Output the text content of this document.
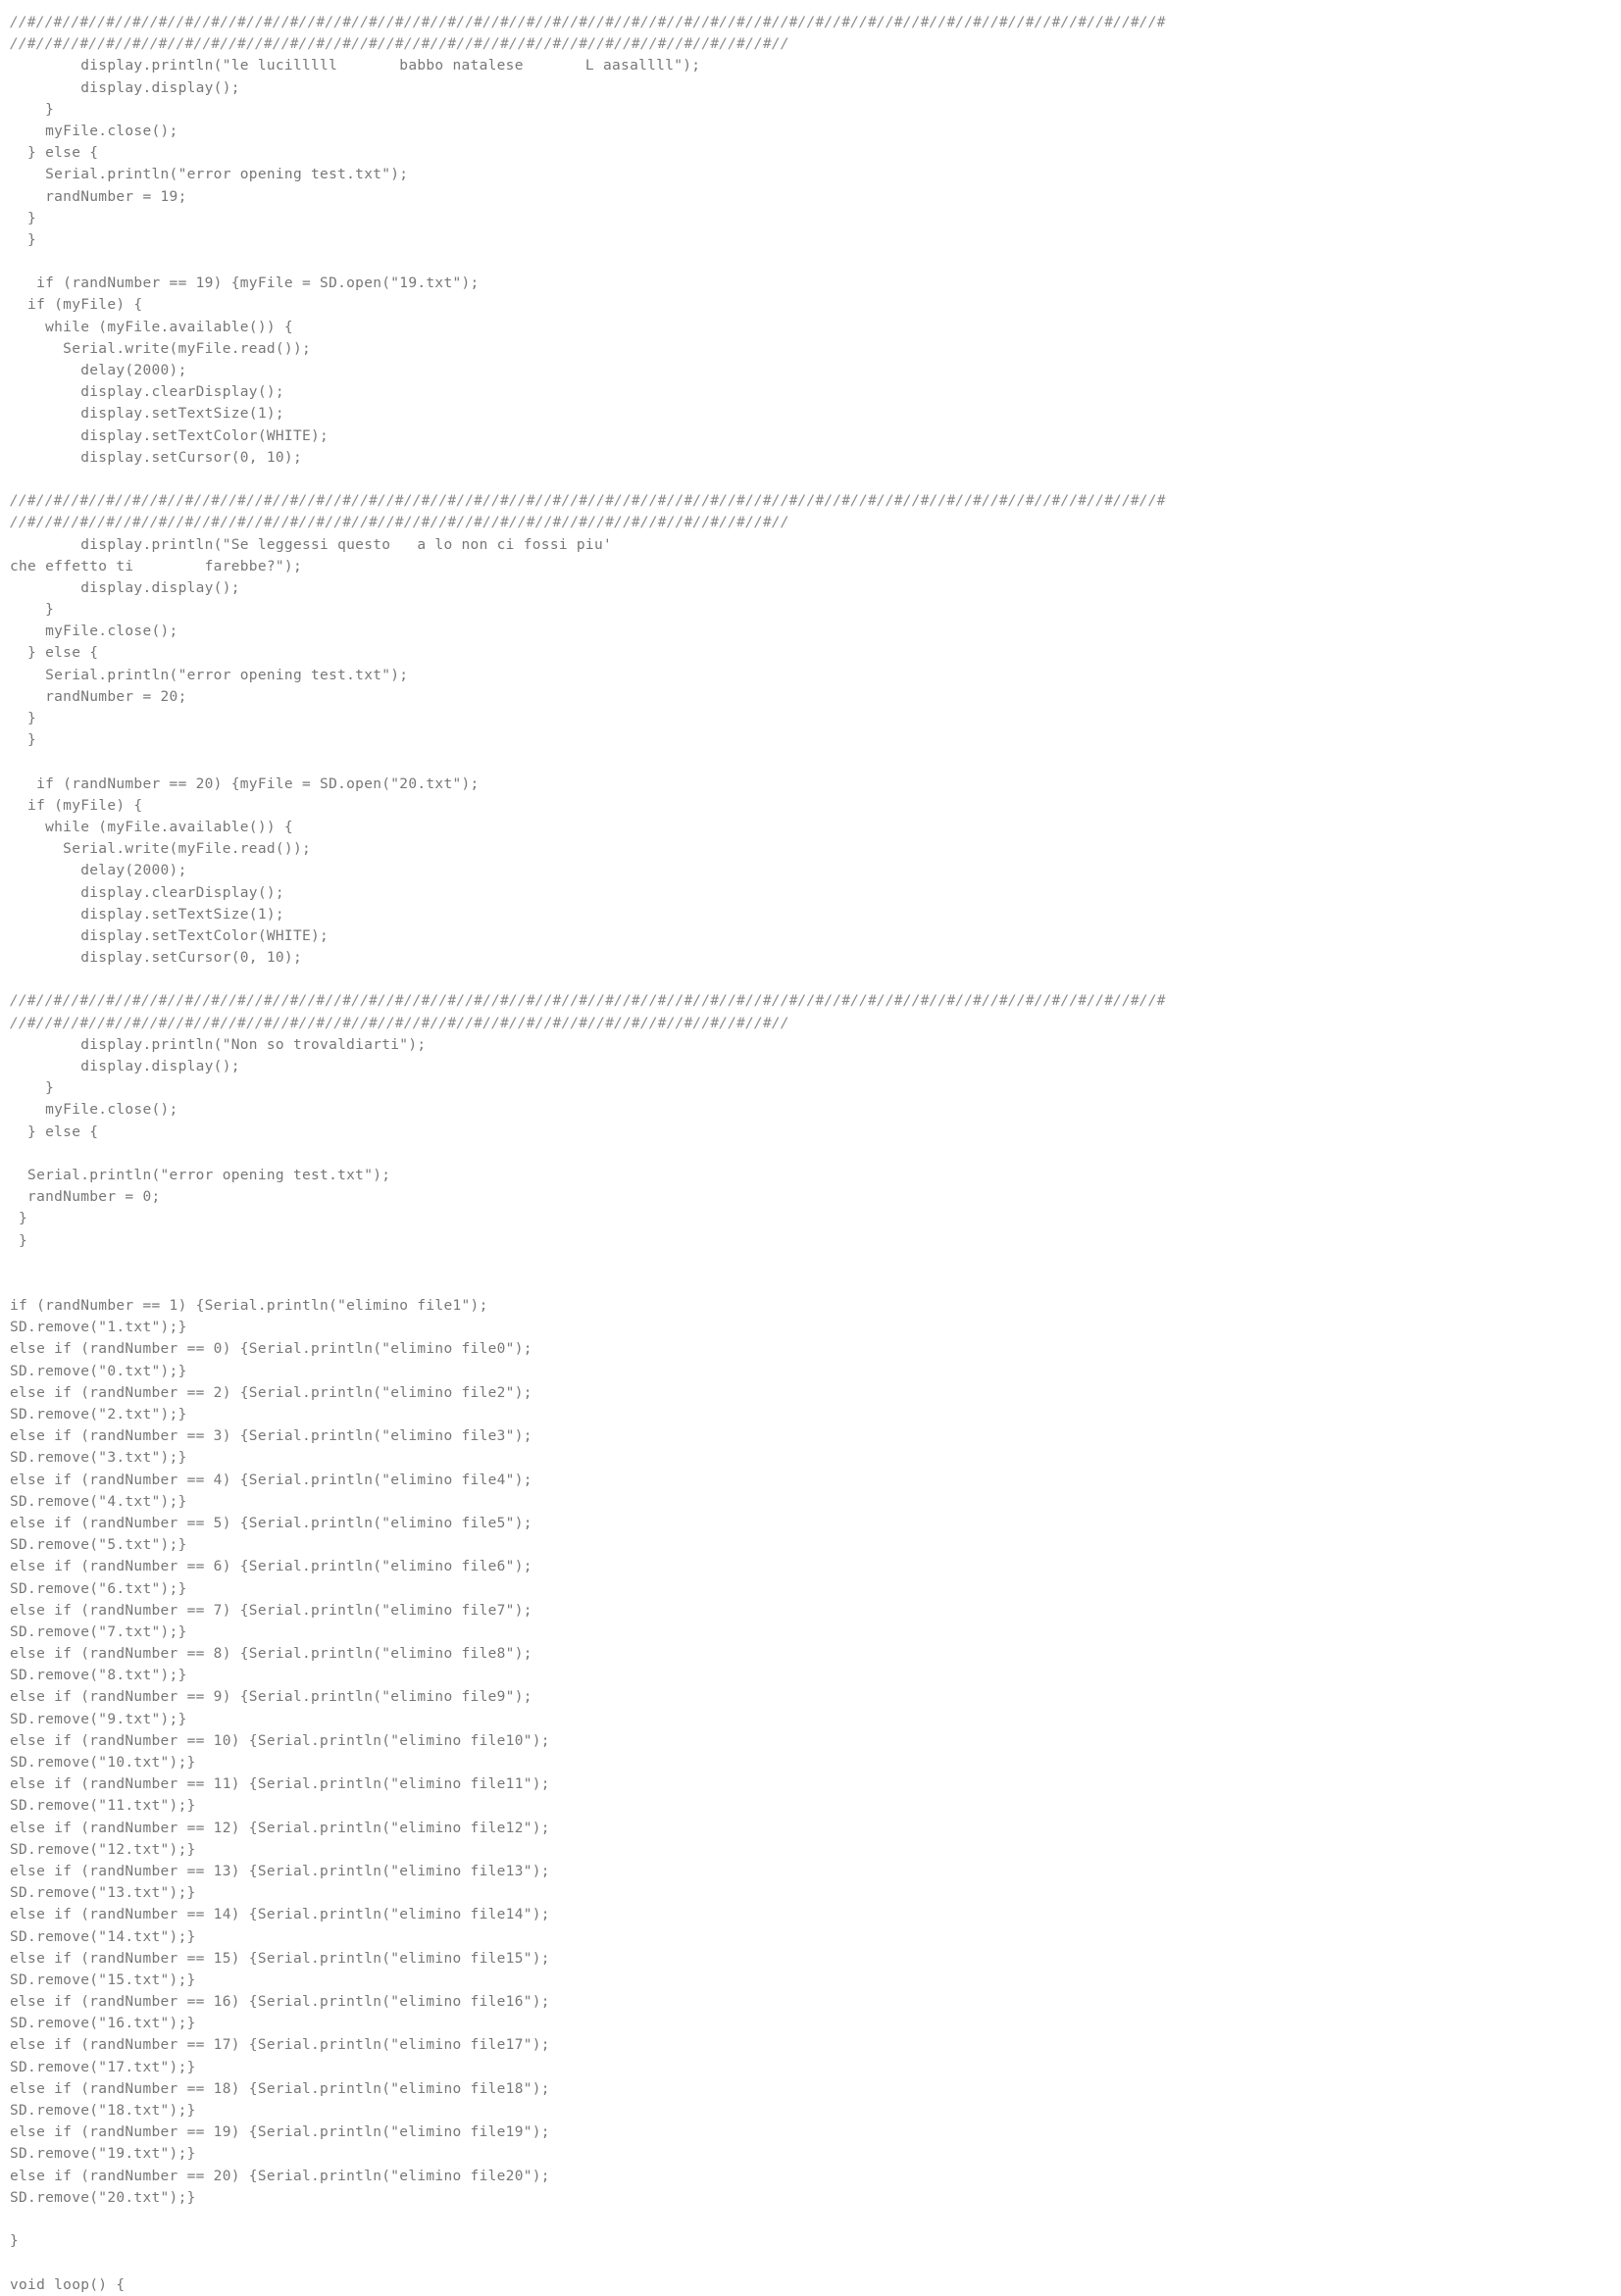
//#//#//#//#//#//#//#//#//#//#//#//#//#//#//#//#//#//#//#//#//#//#//#//#//#//#//#//#//#//#//#//#//#//#//#//#//#//#//#//#//#//#//#//#
//#//#//#//#//#//#//#//#//#//#//#//#//#//#//#//#//#//#//#//#//#//#//#//#//#//#//#//#//#//
display.println("le lucilllll       babbo natalese       L aasallll");
display.display();
}
myFile.close();
} else {
Serial.println("error opening test.txt");
randNumber = 19;
}
}
if (randNumber == 19) {myFile = SD.open("19.txt");
if (myFile) {
while (myFile.available()) {
Serial.write(myFile.read());
delay(2000);
display.clearDisplay();
display.setTextSize(1);
display.setTextColor(WHITE);
display.setCursor(0, 10);
//#//#//#//#//#//#//#//#//#//#//#//#//#//#//#//#//#//#//#//#//#//#//#//#//#//#//#//#//#//#//#//#//#//#//#//#//#//#//#//#//#//#//#//#
//#//#//#//#//#//#//#//#//#//#//#//#//#//#//#//#//#//#//#//#//#//#//#//#//#//#//#//#//#//
display.println("Se leggessi questo   a lo non ci fossi piu'
che effetto ti        farebbe?");
display.display();
}
myFile.close();
} else {
Serial.println("error opening test.txt");
randNumber = 20;
}
}
if (randNumber == 20) {myFile = SD.open("20.txt");
if (myFile) {
while (myFile.available()) {
Serial.write(myFile.read());
delay(2000);
display.clearDisplay();
display.setTextSize(1);
display.setTextColor(WHITE);
display.setCursor(0, 10);
//#//#//#//#//#//#//#//#//#//#//#//#//#//#//#//#//#//#//#//#//#//#//#//#//#//#//#//#//#//#//#//#//#//#//#//#//#//#//#//#//#//#//#//#
//#//#//#//#//#//#//#//#//#//#//#//#//#//#//#//#//#//#//#//#//#//#//#//#//#//#//#//#//#//
display.println("Non so trovaldiarti");
display.display();
}
myFile.close();
} else {
Serial.println("error opening test.txt");
randNumber = 0;
}
}
if (randNumber == 1) {Serial.println("elimino file1");
SD.remove("1.txt");}
else if (randNumber == 0) {Serial.println("elimino file0");
SD.remove("0.txt");}
else if (randNumber == 2) {Serial.println("elimino file2");
SD.remove("2.txt");}
else if (randNumber == 3) {Serial.println("elimino file3");
SD.remove("3.txt");}
else if (randNumber == 4) {Serial.println("elimino file4");
SD.remove("4.txt");}
else if (randNumber == 5) {Serial.println("elimino file5");
SD.remove("5.txt");}
else if (randNumber == 6) {Serial.println("elimino file6");
SD.remove("6.txt");}
else if (randNumber == 7) {Serial.println("elimino file7");
SD.remove("7.txt");}
else if (randNumber == 8) {Serial.println("elimino file8");
SD.remove("8.txt");}
else if (randNumber == 9) {Serial.println("elimino file9");
SD.remove("9.txt");}
else if (randNumber == 10) {Serial.println("elimino file10");
SD.remove("10.txt");}
else if (randNumber == 11) {Serial.println("elimino file11");
SD.remove("11.txt");}
else if (randNumber == 12) {Serial.println("elimino file12");
SD.remove("12.txt");}
else if (randNumber == 13) {Serial.println("elimino file13");
SD.remove("13.txt");}
else if (randNumber == 14) {Serial.println("elimino file14");
SD.remove("14.txt");}
else if (randNumber == 15) {Serial.println("elimino file15");
SD.remove("15.txt");}
else if (randNumber == 16) {Serial.println("elimino file16");
SD.remove("16.txt");}
else if (randNumber == 17) {Serial.println("elimino file17");
SD.remove("17.txt");}
else if (randNumber == 18) {Serial.println("elimino file18");
SD.remove("18.txt");}
else if (randNumber == 19) {Serial.println("elimino file19");
SD.remove("19.txt");}
else if (randNumber == 20) {Serial.println("elimino file20");
SD.remove("20.txt");}
}
void loop() {
